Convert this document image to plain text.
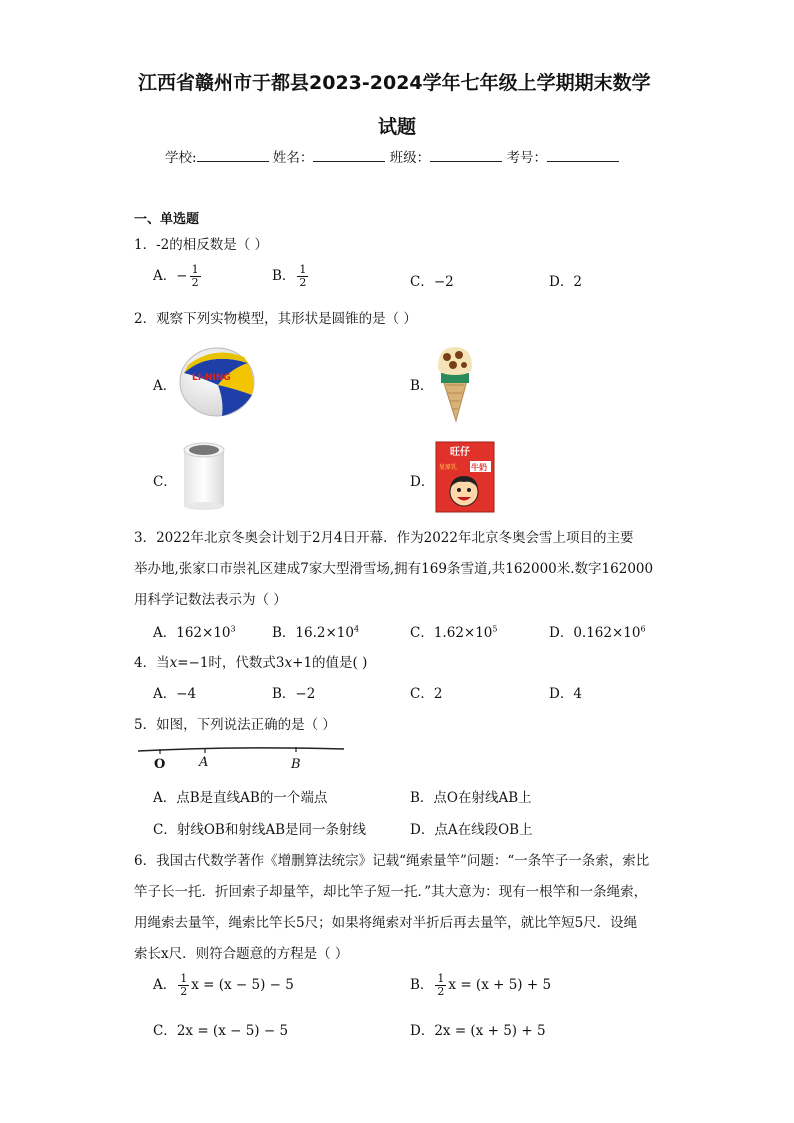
江西省赣州市于都县2023-2024学年七年级上学期期末数学
试题
学校:	姓名：	班级：	考号：
一、单选题
1．-2的相反数是（ ）
A．− $\frac{1}{2}$	B． $\frac{1}{2}$	C．−2	D．2
2．观察下列实物模型，其形状是圆锥的是（ ）
A． LI-NING	B．
C．	D．
旺仔
复原乳 牛奶
3．2022年北京冬奥会计划于2月4日开幕．作为2022年北京冬奥会雪上项目的主要
举办地,张家口市崇礼区建成7家大型滑雪场,拥有169条雪道,共162000米.数字162000
用科学记数法表示为（ ）
A．$162\times 10^3$	B．$16.2\times 10^4$	C．$1.62\times 10^5$	D．$0.162\times 10^6$
4．当x=−1时，代数式3x+1的值是( )
A．−4	B．−2	C．2	D．4
5．如图，下列说法正确的是（ ）
O	A	B
A．点B是直线AB的一个端点	B．点O在射线AB上
C．射线OB和射线AB是同一条射线	D．点A在线段OB上
6．我国古代数学著作《增删算法统宗》记载“绳索量竿”问题：“一条竿子一条索，索比
竿子长一托．折回索子却量竿，却比竿子短一托．”其大意为：现有一根竿和一条绳索，
用绳索去量竿，绳索比竿长5尺；如果将绳索对半折后再去量竿，就比竿短5尺．设绳
索长x尺．则符合题意的方程是（ ）
A． $\frac{1}{2}$ x = (x − 5) − 5	B． $\frac{1}{2}$ x = (x + 5) + 5
C．2x = (x − 5) − 5	D．2x = (x + 5) + 5
